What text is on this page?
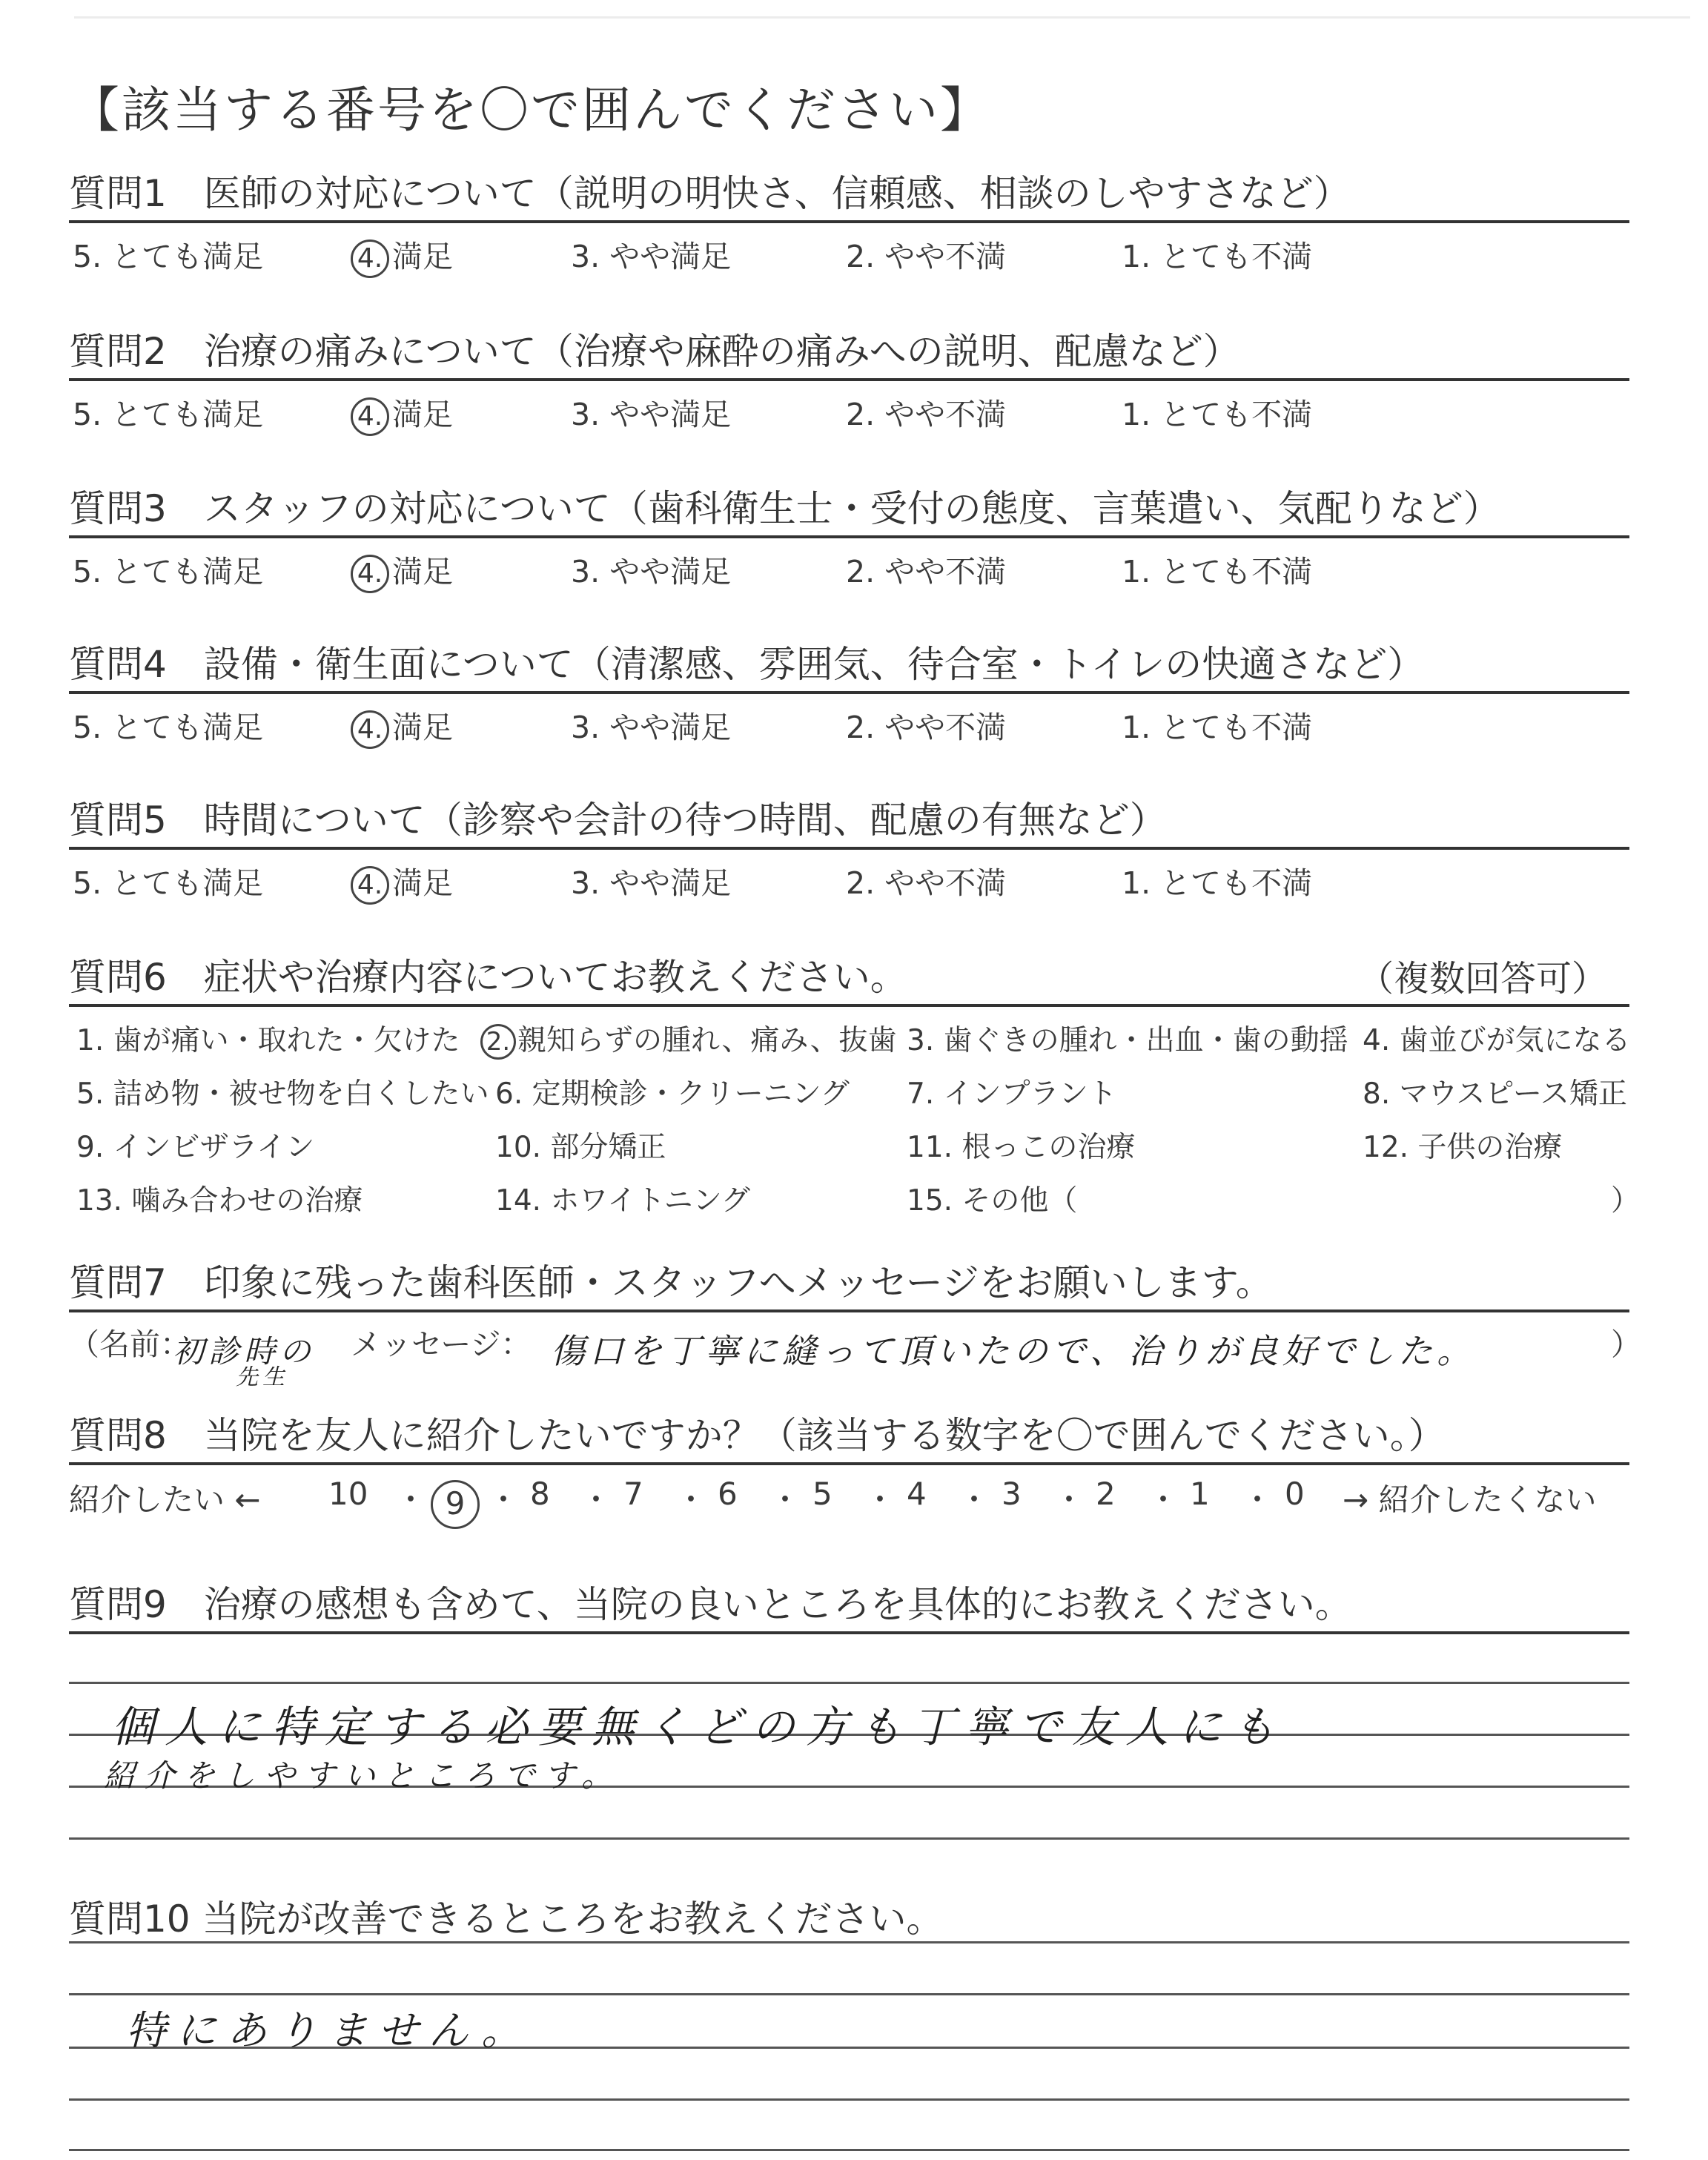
【該当する番号を〇で囲んでください】
質問1　医師の対応について（説明の明快さ、信頼感、相談のしやすさなど）
5. とても満足	4. 満足	3. やや満足	2. やや不満	1. とても不満
質問2　治療の痛みについて（治療や麻酔の痛みへの説明、配慮など）
5. とても満足	4. 満足	3. やや満足	2. やや不満	1. とても不満
質問3　スタッフの対応について（歯科衛生士・受付の態度、言葉遣い、気配りなど）
5. とても満足	4. 満足	3. やや満足	2. やや不満	1. とても不満
質問4　設備・衛生面について（清潔感、雰囲気、待合室・トイレの快適さなど）
5. とても満足	4. 満足	3. やや満足	2. やや不満	1. とても不満
質問5　時間について（診察や会計の待つ時間、配慮の有無など）
5. とても満足	4. 満足	3. やや満足	2. やや不満	1. とても不満
質問6　症状や治療内容についてお教えください。	（複数回答可）
1. 歯が痛い・取れた・欠けた 2. 親知らずの腫れ、痛み、抜歯 3. 歯ぐきの腫れ・出血・歯の動揺 4. 歯並びが気になる
5. 詰め物・被せ物を白くしたい 6. 定期検診・クリーニング 7. インプラント	8. マウスピース矯正
9. インビザライン	10. 部分矯正	11. 根っこの治療	12. 子供の治療
13. 噛み合わせの治療	14. ホワイトニング	15. その他（	）
質問7　印象に残った歯科医師・スタッフへメッセージをお願いします。
（名前：
初診時の
先生
メッセージ： 傷口を丁寧に縫って頂いたので、治りが良好でした。	）
質問8　当院を友人に紹介したいですか？（該当する数字を〇で囲んでください。）
紹介したい ← 10 ・ 9 ・ 8 ・ 7 ・ 6 ・ 5 ・ 4 ・ 3 ・ 2 ・ 1 ・ 0 → 紹介したくない
質問9　治療の感想も含めて、当院の良いところを具体的にお教えください。
個人に特定する必要無くどの方も丁寧で友人にも
紹介をしやすいところです。
質問10 当院が改善できるところをお教えください。
特にありません。
